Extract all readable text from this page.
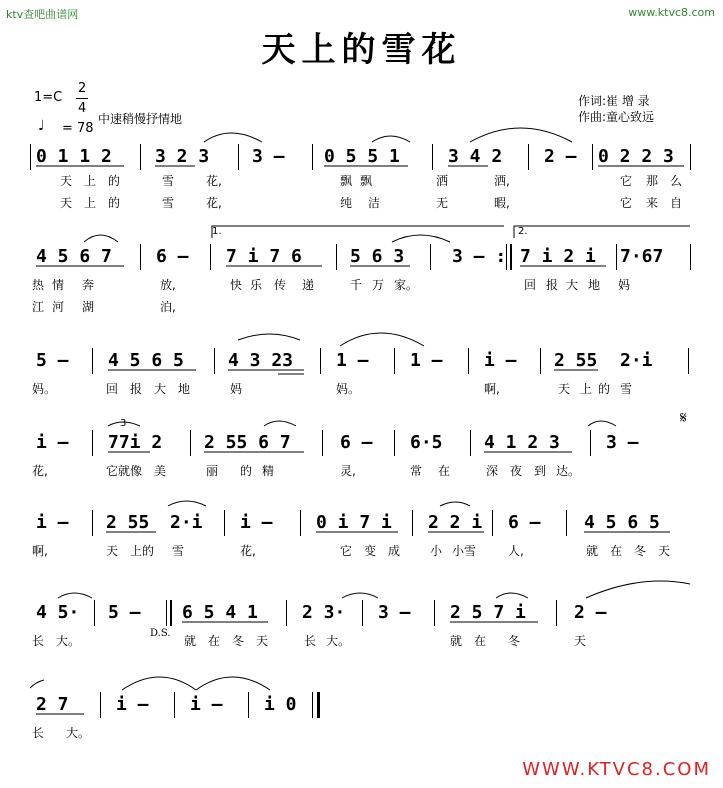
ktv查吧曲谱网	www.ktvc8.com
天上的雪花
1=C
2
4
♩ = 78
中速稍慢抒情地
作词:崔 增 录
作曲:童心致远
0 1 1 2 3 2 3 3 – 0 5 5 1	3 4 2 2 – 0 2 2 3
天 上 的	雪	花,	飘 飘	洒	洒,	它 那 么
天 上 的	雪	花,	纯 洁	无	暇,	它 来 自
1.	2.
4 5 6 7 6 – 7 i 7 6	5 6 3	3 – : 7 i 2 i 7·67
热 情 奔	放,	快 乐 传 递	千 万 家。	回 报 大 地 妈
江 河 湖	泊,
5 – 4 5 6 5 4 3 23 1 – 1 – i – 2 55 2·i
妈。	回 报 大 地	妈	妈。	啊,	天 上 的 雪
3	𝄋
i – 77i 2 2 55 6 7	6 – 6·5 4 1 2 3	3 –
花,	它就像 美	丽 的 精	灵,	常 在	深 夜 到 达。
i – 2 55 2·i i – 0 i 7 i 2 2 i 6 – 4 5 6 5
啊,	天 上的 雪	花,	它 变 成 小 小雪	人,	就 在 冬 天
4 5· 5 – 6 5 4 1 2 3· 3 – 2 5 7 i	2 –
D.S.
长 大。	就 在 冬 天	长 大。	就 在 冬	天
2 7	i – i – i 0
长 大。
WWW.KTVC8.COM
